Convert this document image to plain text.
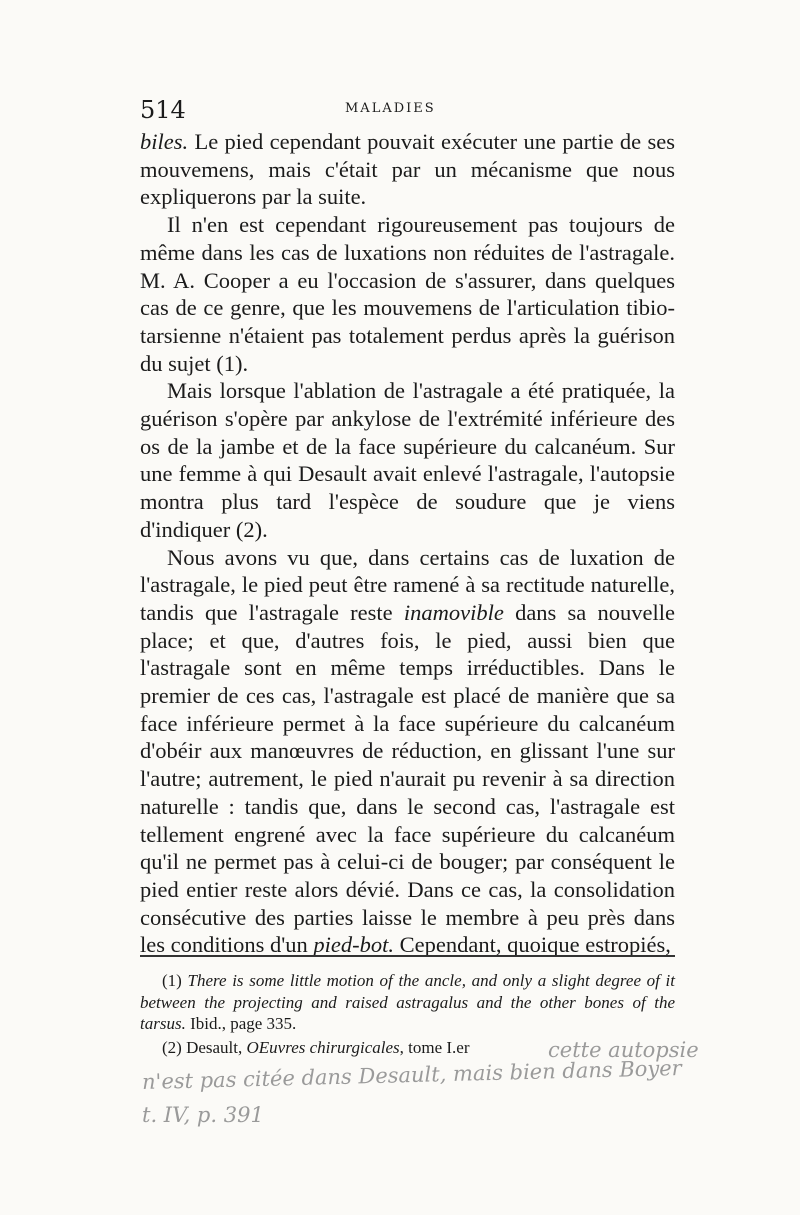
514	MALADIES

biles. Le pied cependant pouvait exécuter une partie de ses mouvemens, mais c'était par un mécanisme que nous expliquerons par la suite.

Il n'en est cependant rigoureusement pas toujours de même dans les cas de luxations non réduites de l'astragale. M. A. Cooper a eu l'occasion de s'assurer, dans quelques cas de ce genre, que les mouvemens de l'articulation tibio-tarsienne n'étaient pas totalement perdus après la guérison du sujet (1).

Mais lorsque l'ablation de l'astragale a été pratiquée, la guérison s'opère par ankylose de l'extrémité inférieure des os de la jambe et de la face supérieure du calcanéum. Sur une femme à qui Desault avait enlevé l'astragale, l'autopsie montra plus tard l'espèce de soudure que je viens d'indiquer (2).

Nous avons vu que, dans certains cas de luxation de l'astragale, le pied peut être ramené à sa rectitude naturelle, tandis que l'astragale reste inamovible dans sa nouvelle place; et que, d'autres fois, le pied, aussi bien que l'astragale sont en même temps irréductibles. Dans le premier de ces cas, l'astragale est placé de manière que sa face inférieure permet à la face supérieure du calcanéum d'obéir aux manœuvres de réduction, en glissant l'une sur l'autre; autrement, le pied n'aurait pu revenir à sa direction naturelle : tandis que, dans le second cas, l'astragale est tellement engrené avec la face supérieure du calcanéum qu'il ne permet pas à celui-ci de bouger; par conséquent le pied entier reste alors dévié. Dans ce cas, la consolidation consécutive des parties laisse le membre à peu près dans les conditions d'un pied-bot. Cependant, quoique estropiés,

(1) There is some little motion of the ancle, and only a slight degree of it between the projecting and raised astragalus and the other bones of the tarsus. Ibid., page 335.

(2) Desault, OEuvres chirurgicales, tome I.er	cette autopsie
n'est pas citée dans Desault, mais bien dans Boyer
t. IV, p. 391
